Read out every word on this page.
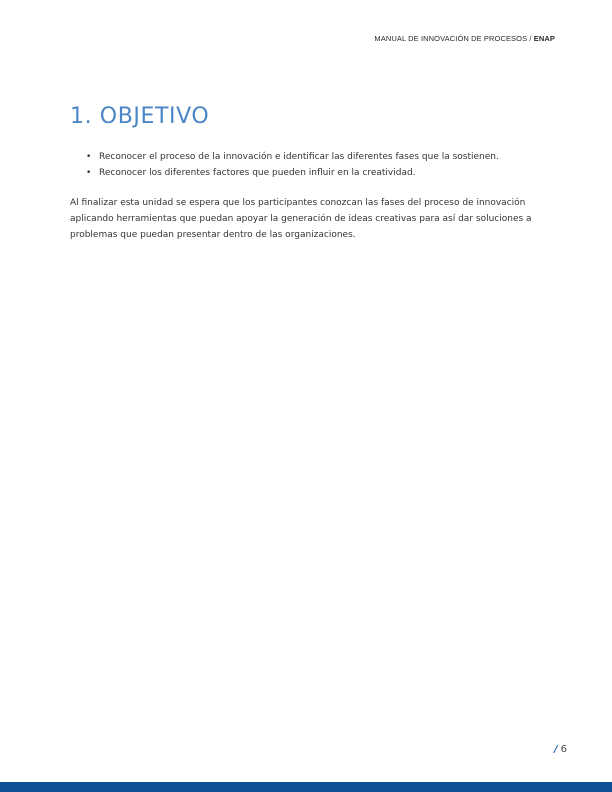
MANUAL DE INNOVACIÓN DE PROCESOS / ENAP
1. OBJETIVO
• Reconocer el proceso de la innovación e identificar las diferentes fases que la sostienen.
• Reconocer los diferentes factores que pueden influir en la creatividad.

Al finalizar esta unidad se espera que los participantes conozcan las fases del proceso de innovación aplicando herramientas que puedan apoyar la generación de ideas creativas para así dar soluciones a problemas que puedan presentar dentro de las organizaciones.

/ 6
